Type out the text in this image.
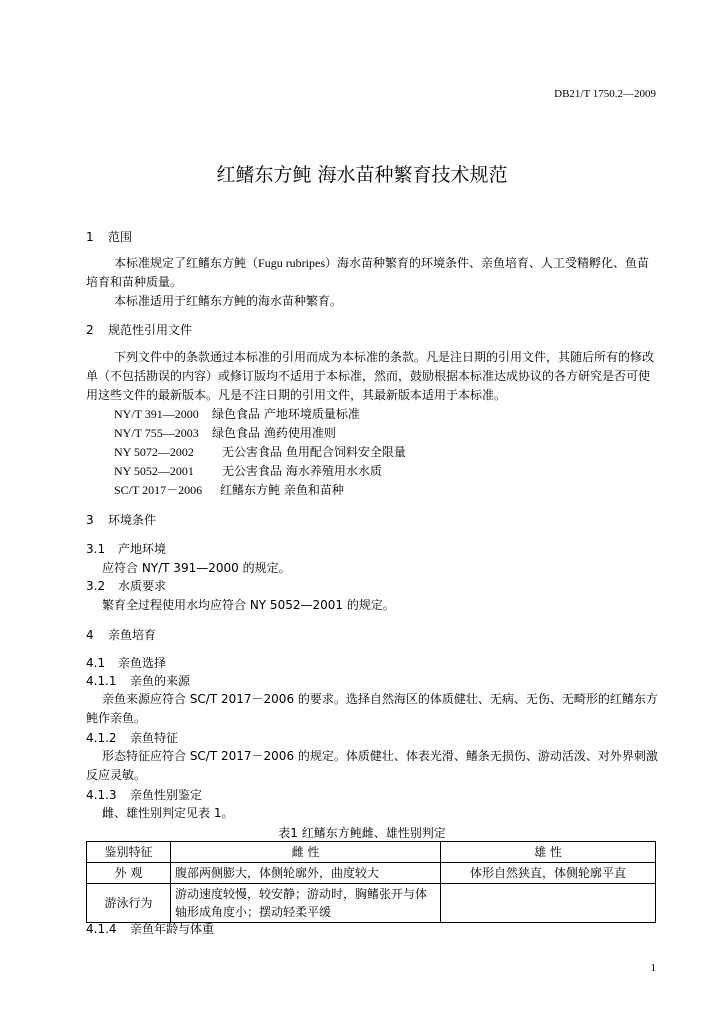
DB21/T 1750.2—2009
红鳍东方鲀 海水苗种繁育技术规范
1 范围
本标准规定了红鳍东方鲀（Fugu rubripes）海水苗种繁育的环境条件、亲鱼培育、人工受精孵化、鱼苗培育和苗种质量。
本标准适用于红鳍东方鲀的海水苗种繁育。
2 规范性引用文件
下列文件中的条款通过本标准的引用而成为本标准的条款。凡是注日期的引用文件，其随后所有的修改单（不包括勘误的内容）或修订版均不适用于本标准，然而，鼓励根据本标准达成协议的各方研究是否可使用这些文件的最新版本。凡是不注日期的引用文件，其最新版本适用于本标准。
NY/T 391—2000 绿色食品 产地环境质量标准
NY/T 755—2003 绿色食品 渔药使用准则
NY 5072—2002 无公害食品 鱼用配合饲料安全限量
NY 5052—2001 无公害食品 海水养殖用水水质
SC/T 2017－2006 红鳍东方鲀 亲鱼和苗种
3 环境条件
3.1 产地环境
应符合 NY/T 391—2000 的规定。
3.2 水质要求
繁育全过程使用水均应符合 NY 5052—2001 的规定。
4 亲鱼培育
4.1 亲鱼选择
4.1.1 亲鱼的来源
亲鱼来源应符合 SC/T 2017－2006 的要求。选择自然海区的体质健壮、无病、无伤、无畸形的红鳍东方鲀作亲鱼。
4.1.2 亲鱼特征
形态特征应符合 SC/T 2017－2006 的规定。体质健壮、体表光滑、鳍条无损伤、游动活泼、对外界刺激反应灵敏。
4.1.3 亲鱼性别鉴定
雌、雄性别判定见表 1。
表1 红鳍东方鲀雌、雄性别判定
鉴别特征	雌 性	雄 性
外 观	腹部两侧膨大，体侧轮廓外，曲度较大	体形自然狭直，体侧轮廓平直
游泳行为	游动速度较慢，较安静；游动时，胸鳍张开与体轴形成角度小；摆动轻柔平缓	
4.1.4 亲鱼年龄与体重
1
